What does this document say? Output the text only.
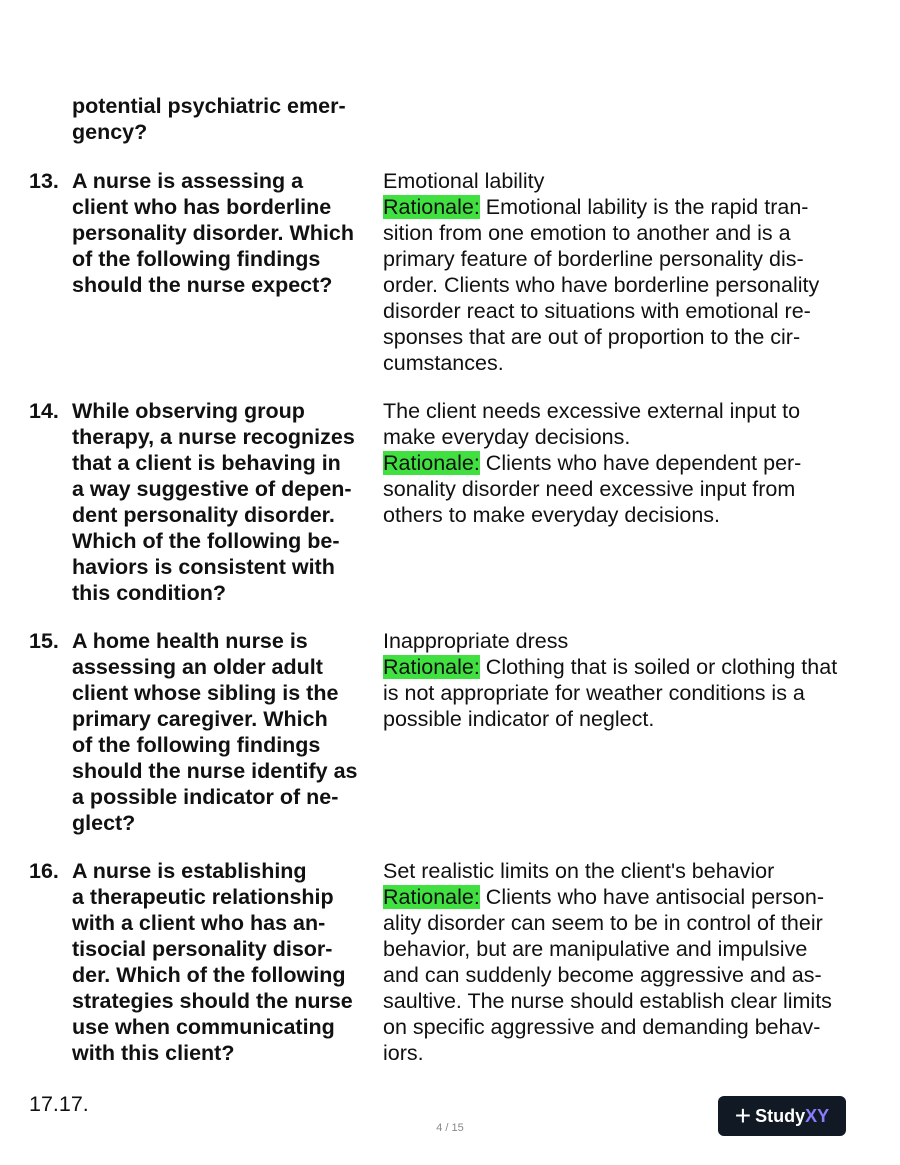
potential psychiatric emer-
gency?
13. A nurse is assessing a
client who has borderline
personality disorder. Which
of the following findings
should the nurse expect?
Emotional lability
Rationale: Emotional lability is the rapid tran-
sition from one emotion to another and is a
primary feature of borderline personality dis-
order. Clients who have borderline personality
disorder react to situations with emotional re-
sponses that are out of proportion to the cir-
cumstances.
14. While observing group
therapy, a nurse recognizes
that a client is behaving in
a way suggestive of depen-
dent personality disorder.
Which of the following be-
haviors is consistent with
this condition?
The client needs excessive external input to
make everyday decisions.
Rationale: Clients who have dependent per-
sonality disorder need excessive input from
others to make everyday decisions.
15. A home health nurse is
assessing an older adult
client whose sibling is the
primary caregiver. Which
of the following findings
should the nurse identify as
a possible indicator of ne-
glect?
Inappropriate dress
Rationale: Clothing that is soiled or clothing that
is not appropriate for weather conditions is a
possible indicator of neglect.
16. A nurse is establishing
a therapeutic relationship
with a client who has an-
tisocial personality disor-
der. Which of the following
strategies should the nurse
use when communicating
with this client?
Set realistic limits on the client's behavior
Rationale: Clients who have antisocial person-
ality disorder can seem to be in control of their
behavior, but are manipulative and impulsive
and can suddenly become aggressive and as-
saultive. The nurse should establish clear limits
on specific aggressive and demanding behav-
iors.
17.17.
4 / 15	+ StudyXY
